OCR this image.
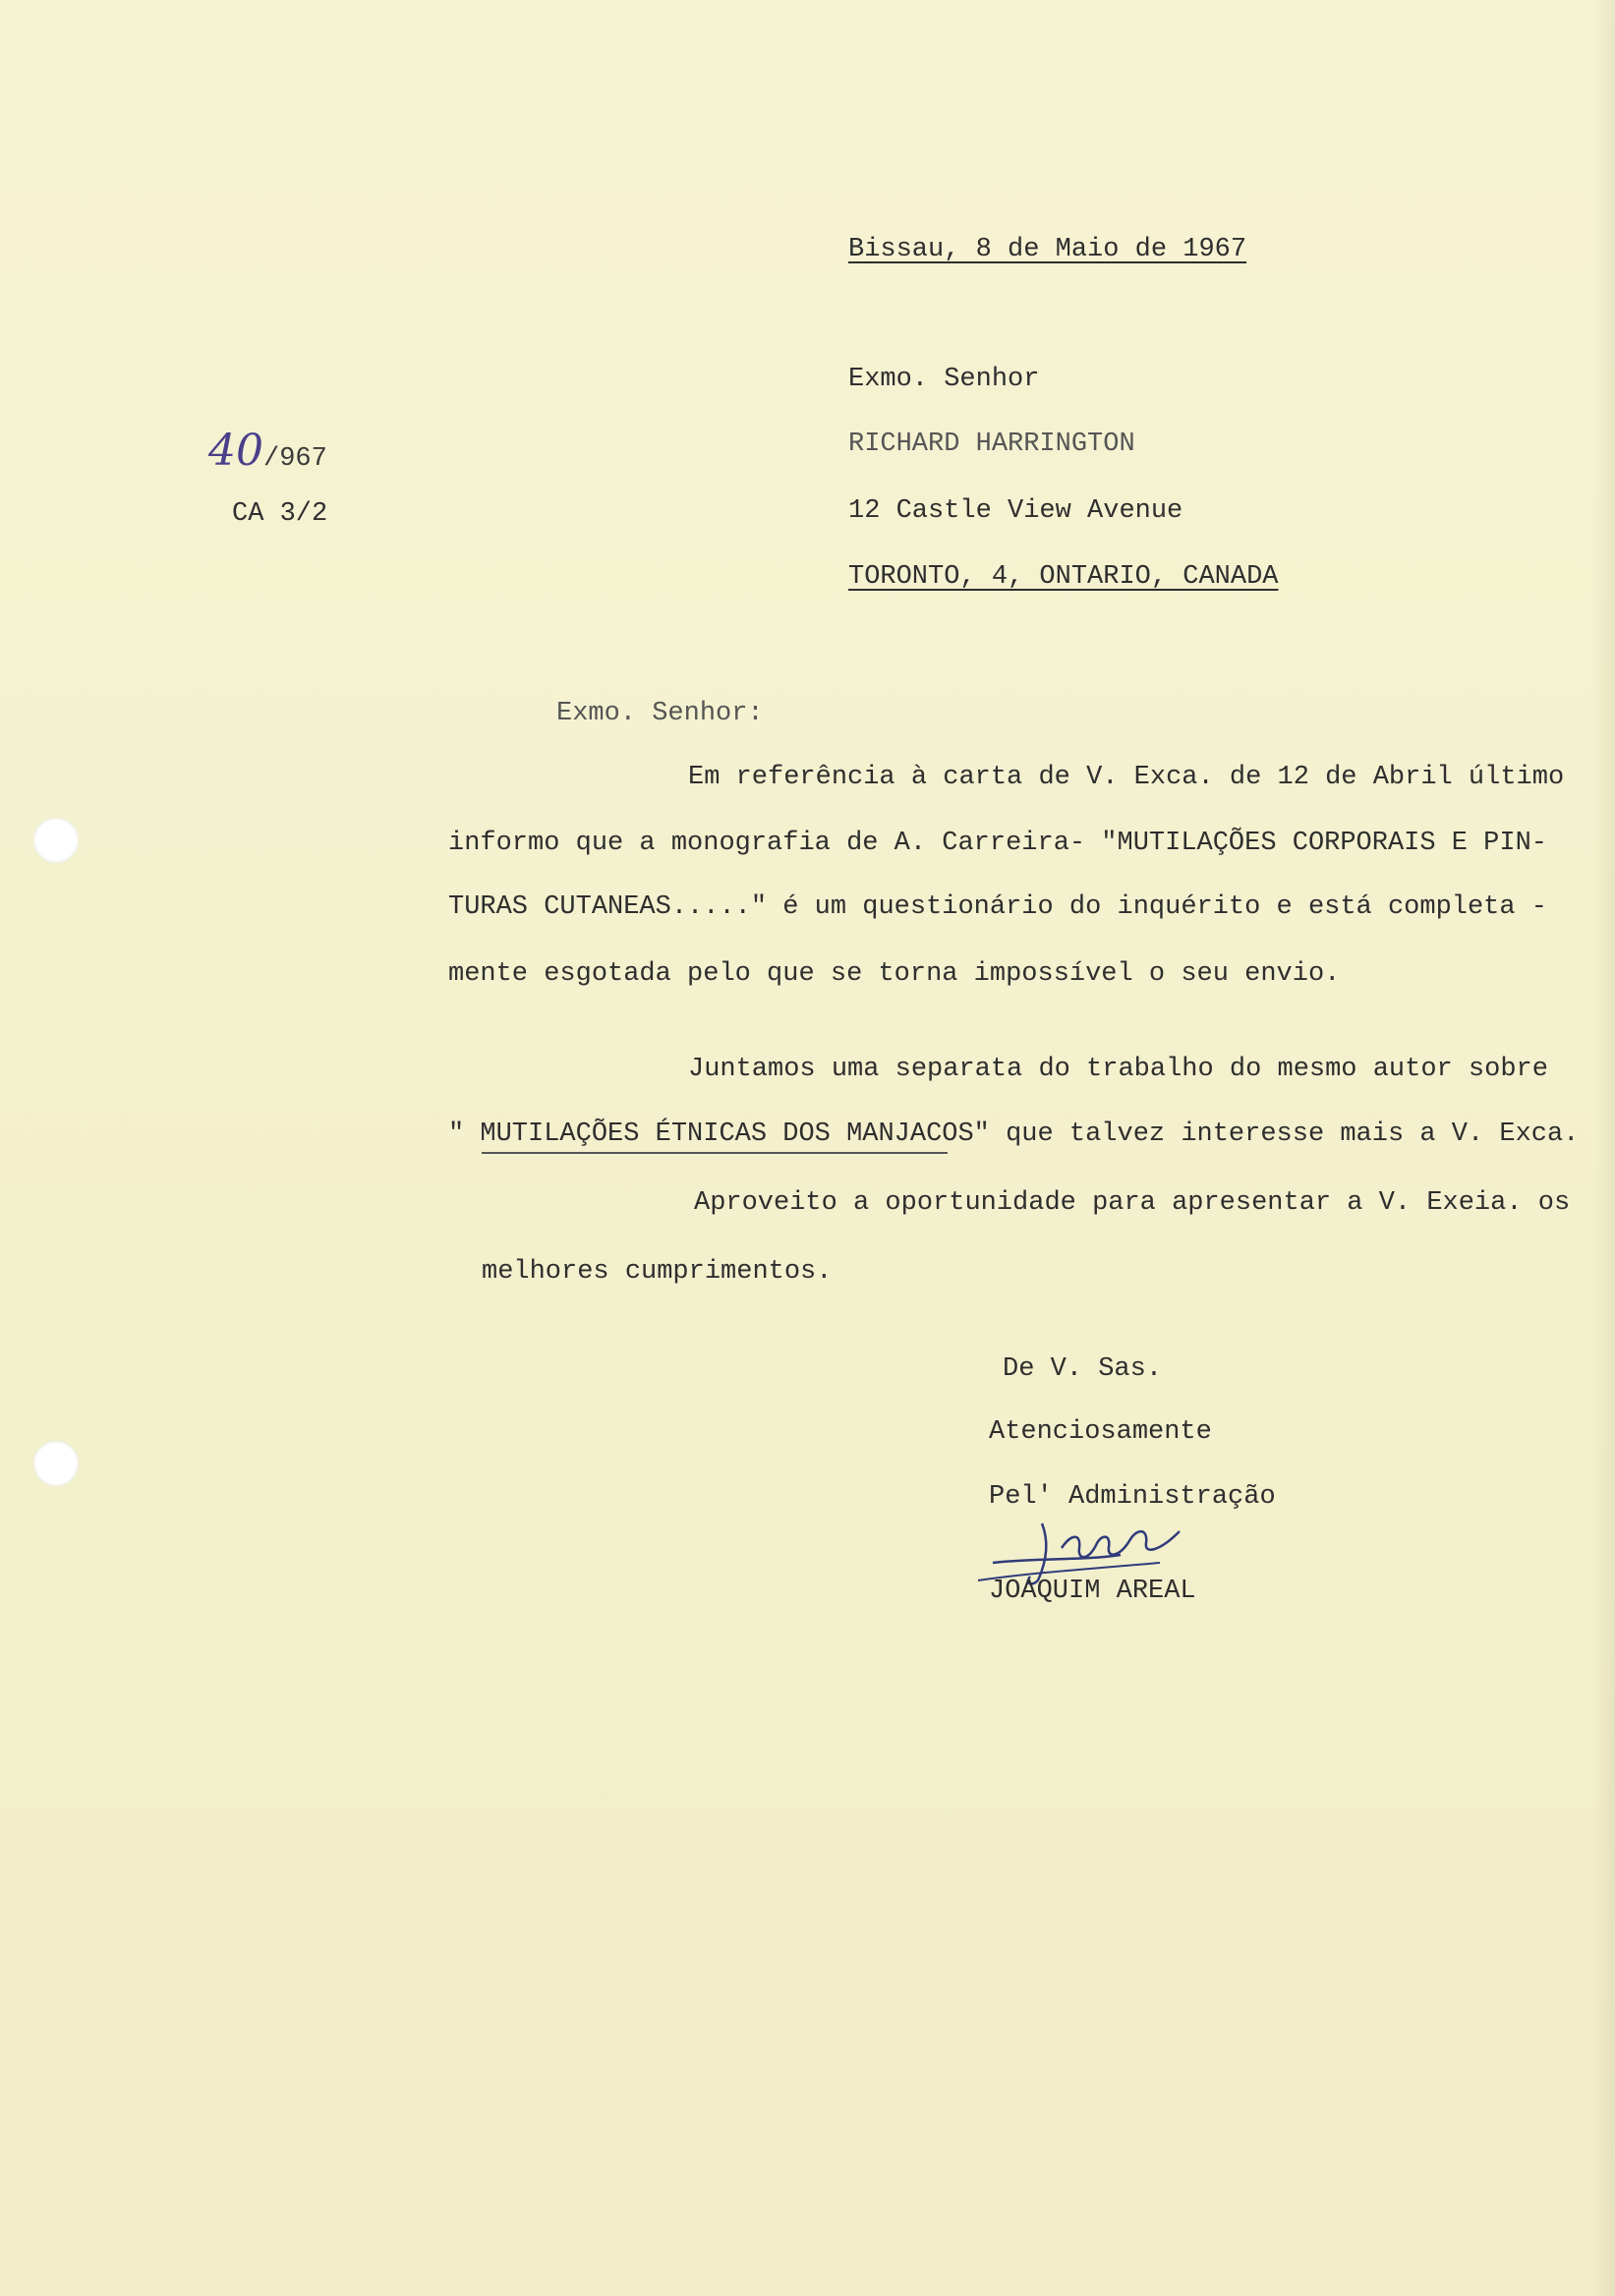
Bissau, 8 de Maio de 1967
Exmo. Senhor
RICHARD HARRINGTON
12 Castle View Avenue
TORONTO, 4, ONTARIO, CANADA
40/967
CA 3/2
Exmo. Senhor:
Em referência à carta de V. Exca. de 12 de Abril último
informo que a monografia de A. Carreira- "MUTILAÇÕES CORPORAIS E PIN-
TURAS CUTANEAS....." é um questionário do inquérito e está completa -
mente esgotada pelo que se torna impossível o seu envio.
Juntamos uma separata do trabalho do mesmo autor sobre
" MUTILAÇÕES ÉTNICAS DOS MANJACOS" que talvez interesse mais a V. Exca.
Aproveito a oportunidade para apresentar a V. Exeia. os
melhores cumprimentos.
De V. Sas.
Atenciosamente
Pel' Administração
JOAQUIM AREAL
